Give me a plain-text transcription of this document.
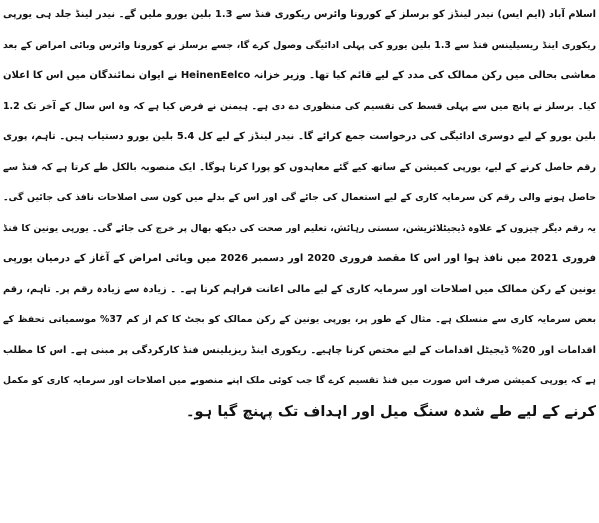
اسلام آباد (ایم ایس) نیدر لینڈز کو برسلز کے کورونا وائرس ریکوری فنڈ سے 1.3 بلین یورو ملیں گے۔ نیدر لینڈ جلد ہی یورپی
ریکوری اینڈ ریسیلینس فنڈ سے 1.3 بلین یورو کی پہلی ادائیگی وصول کرے گا، جسے برسلز نے کورونا وائرس وبائی امراض کے بعد
معاشی بحالی میں رکن ممالک کی مدد کے لیے قائم کیا تھا۔ وزیر خزانہ HeinenEelco نے ایوان نمائندگان میں اس کا اعلان
کیا۔ برسلز نے پانچ میں سے پہلی قسط کی تقسیم کی منظوری دے دی ہے۔ ہیمنن نے فرض کیا ہے کہ وہ اس سال کے آخر تک 1.2
بلین یورو کے لیے دوسری ادائیگی کی درخواست جمع کرائے گا۔ نیدر لینڈز کے لیے کل 5.4 بلین یورو دستیاب ہیں۔ تاہم، پوری
رقم حاصل کرنے کے لیے، یورپی کمیشن کے ساتھ کیے گئے معاہدوں کو پورا کرنا ہوگا۔ ایک منصوبہ بالکل طے کرتا ہے کہ فنڈ سے
حاصل ہونے والی رقم کن سرمایہ کاری کے لیے استعمال کی جائے گی اور اس کے بدلے میں کون سی اصلاحات نافذ کی جائیں گی۔
یہ رقم دیگر چیزوں کے علاوہ ڈیجیٹلائزیشن، سستی رہائش، تعلیم اور صحت کی دیکھ بھال پر خرچ کی جائے گی۔ یورپی یونین کا فنڈ
فروری 2021 میں نافذ ہوا اور اس کا مقصد فروری 2020 اور دسمبر 2026 میں وبائی امراض کے آغاز کے درمیان یورپی
یونین کے رکن ممالک میں اصلاحات اور سرمایہ کاری کے لیے مالی اعانت فراہم کرنا ہے۔ ۔ زیادہ سے زیادہ رقم پر۔ تاہم، رقم
بعض سرمایہ کاری سے منسلک ہے۔ مثال کے طور پر، یورپی یونین کے رکن ممالک کو بجٹ کا کم از کم 37% موسمیاتی تحفظ کے
اقدامات اور 20% ڈیجیٹل اقدامات کے لیے مختص کرنا چاہیے۔ ریکوری اینڈ ریزیلینس فنڈ کارکردگی پر مبنی ہے۔ اس کا مطلب
ہے کہ یورپی کمیشن صرف اس صورت میں فنڈ تقسیم کرے گا جب کوئی ملک اپنے منصوبے میں اصلاحات اور سرمایہ کاری کو مکمل
کرنے کے لیے طے شدہ سنگ میل اور اہداف تک پہنچ گیا ہو۔
